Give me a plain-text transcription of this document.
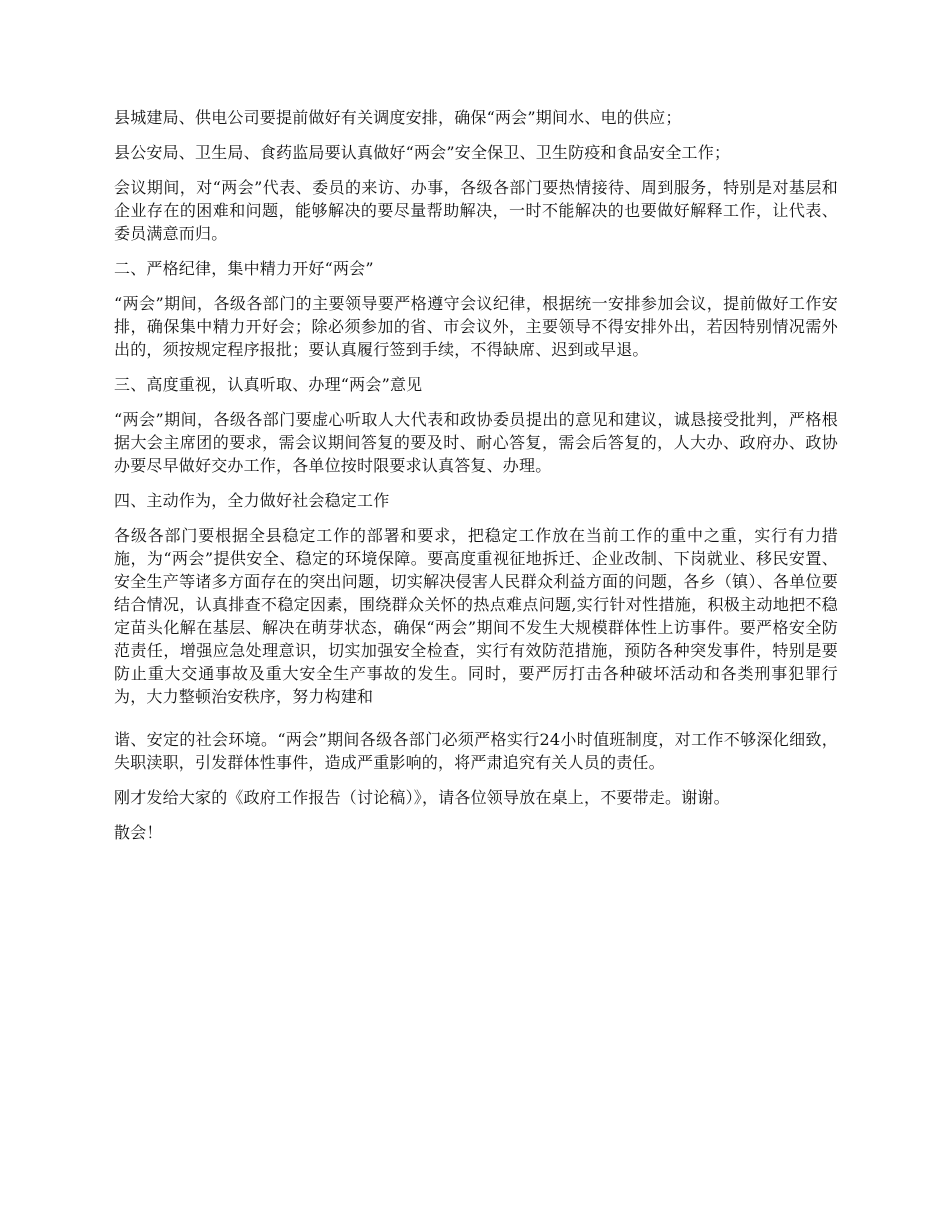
县城建局、供电公司要提前做好有关调度安排，确保“两会”期间水、电的供应；

县公安局、卫生局、食药监局要认真做好“两会”安全保卫、卫生防疫和食品安全工作；

会议期间，对“两会”代表、委员的来访、办事，各级各部门要热情接待、周到服务，特别是对基层和企业存在的困难和问题，能够解决的要尽量帮助解决，一时不能解决的也要做好解释工作，让代表、委员满意而归。

二、严格纪律，集中精力开好“两会”

“两会”期间，各级各部门的主要领导要严格遵守会议纪律，根据统一安排参加会议，提前做好工作安排，确保集中精力开好会；除必须参加的省、市会议外，主要领导不得安排外出，若因特别情况需外出的，须按规定程序报批；要认真履行签到手续，不得缺席、迟到或早退。

三、高度重视，认真听取、办理“两会”意见

“两会”期间，各级各部门要虚心听取人大代表和政协委员提出的意见和建议，诚恳接受批判，严格根据大会主席团的要求，需会议期间答复的要及时、耐心答复，需会后答复的，人大办、政府办、政协办要尽早做好交办工作，各单位按时限要求认真答复、办理。

四、主动作为，全力做好社会稳定工作

各级各部门要根据全县稳定工作的部署和要求，把稳定工作放在当前工作的重中之重，实行有力措施，为“两会”提供安全、稳定的环境保障。要高度重视征地拆迁、企业改制、下岗就业、移民安置、安全生产等诸多方面存在的突出问题，切实解决侵害人民群众利益方面的问题，各乡（镇）、各单位要结合情况，认真排查不稳定因素，围绕群众关怀的热点难点问题,实行针对性措施，积极主动地把不稳定苗头化解在基层、解决在萌芽状态，确保“两会”期间不发生大规模群体性上访事件。要严格安全防范责任，增强应急处理意识，切实加强安全检查，实行有效防范措施，预防各种突发事件，特别是要防止重大交通事故及重大安全生产事故的发生。同时，要严厉打击各种破坏活动和各类刑事犯罪行为，大力整顿治安秩序，努力构建和

谐、安定的社会环境。“两会”期间各级各部门必须严格实行24小时值班制度，对工作不够深化细致，失职渎职，引发群体性事件，造成严重影响的，将严肃追究有关人员的责任。

刚才发给大家的《政府工作报告（讨论稿）》，请各位领导放在桌上，不要带走。谢谢。

散会！
